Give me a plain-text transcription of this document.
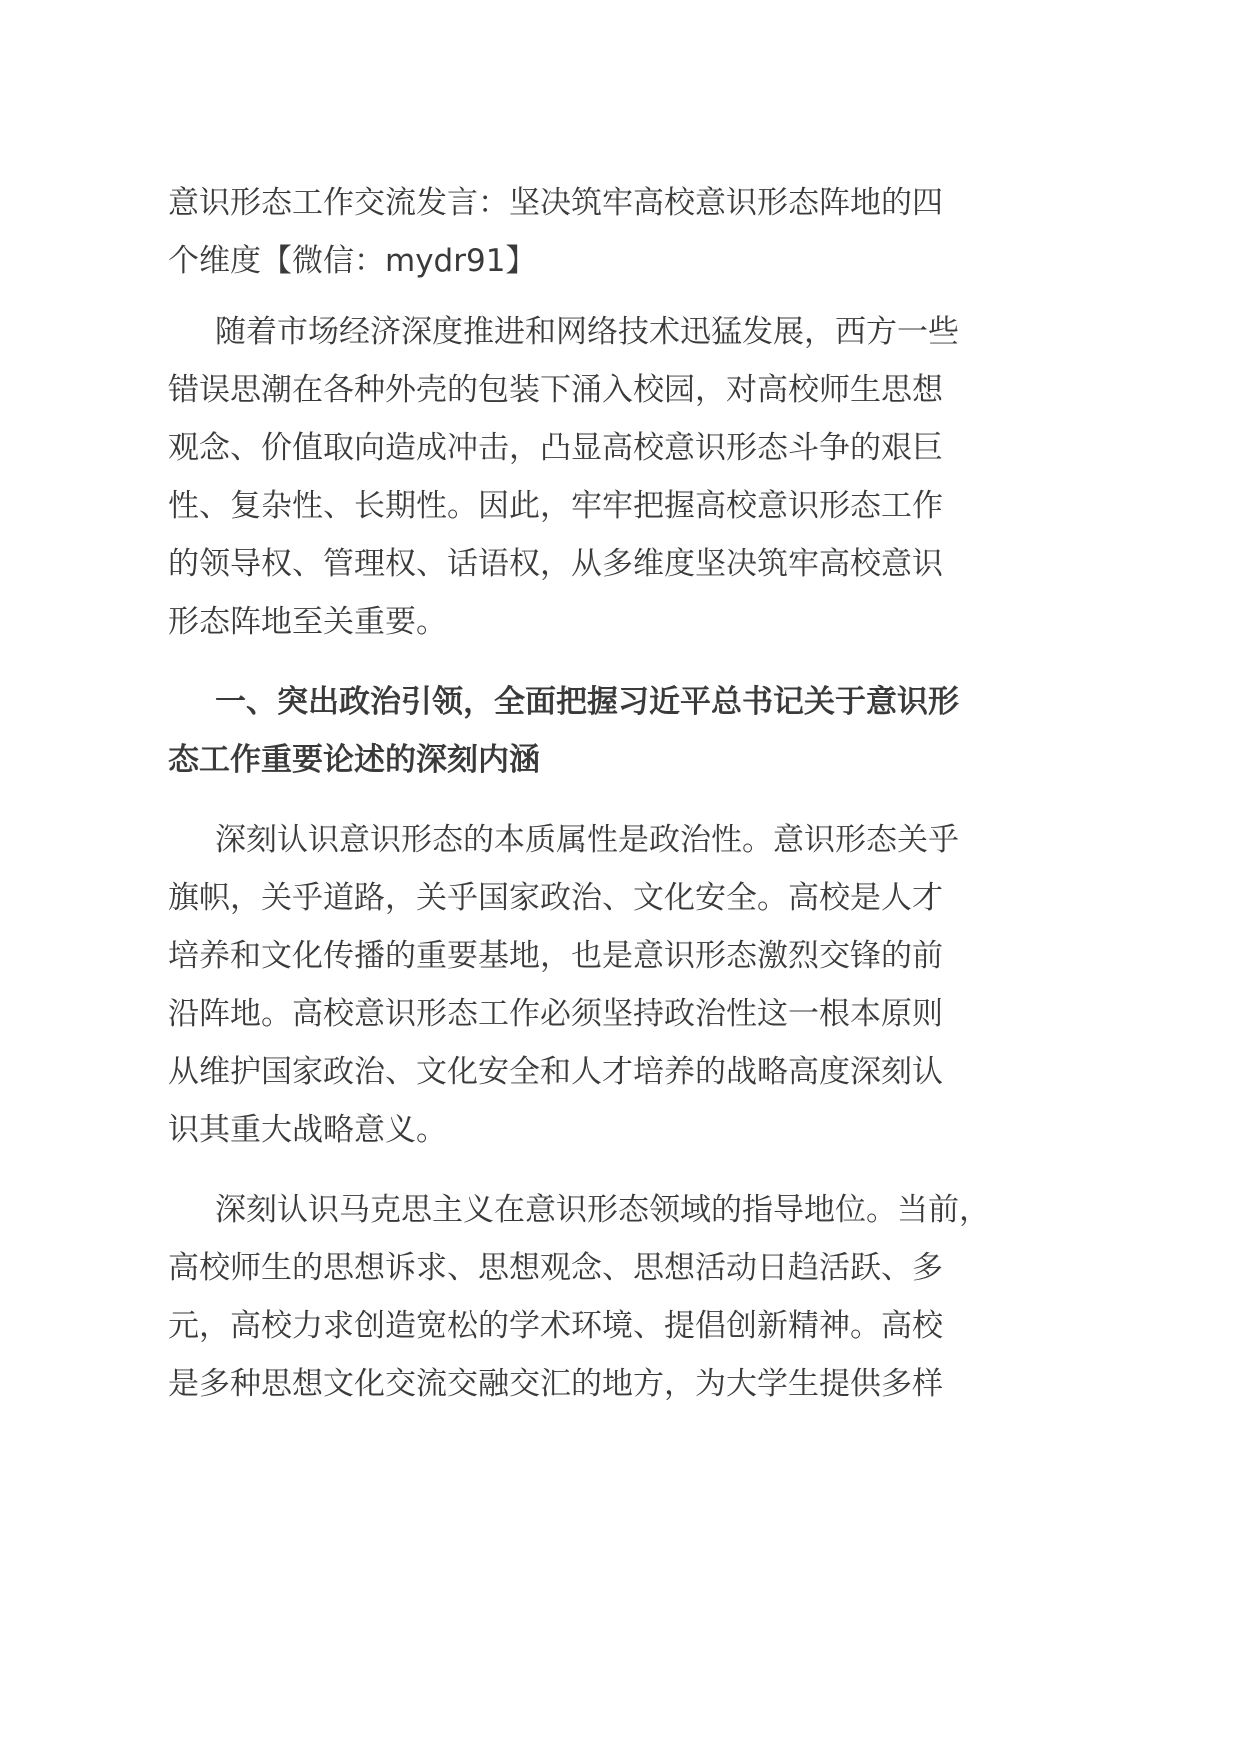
意识形态工作交流发言：坚决筑牢高校意识形态阵地的四
个维度【微信：mydr91】
随着市场经济深度推进和网络技术迅猛发展，西方一些
错误思潮在各种外壳的包装下涌入校园，对高校师生思想
观念、价值取向造成冲击，凸显高校意识形态斗争的艰巨
性、复杂性、长期性。因此，牢牢把握高校意识形态工作
的领导权、管理权、话语权，从多维度坚决筑牢高校意识
形态阵地至关重要。
一、突出政治引领，全面把握习近平总书记关于意识形
态工作重要论述的深刻内涵
深刻认识意识形态的本质属性是政治性。意识形态关乎
旗帜，关乎道路，关乎国家政治、文化安全。高校是人才
培养和文化传播的重要基地，也是意识形态激烈交锋的前
沿阵地。高校意识形态工作必须坚持政治性这一根本原则
从维护国家政治、文化安全和人才培养的战略高度深刻认
识其重大战略意义。
深刻认识马克思主义在意识形态领域的指导地位。当前，
高校师生的思想诉求、思想观念、思想活动日趋活跃、多
元，高校力求创造宽松的学术环境、提倡创新精神。高校
是多种思想文化交流交融交汇的地方，为大学生提供多样
